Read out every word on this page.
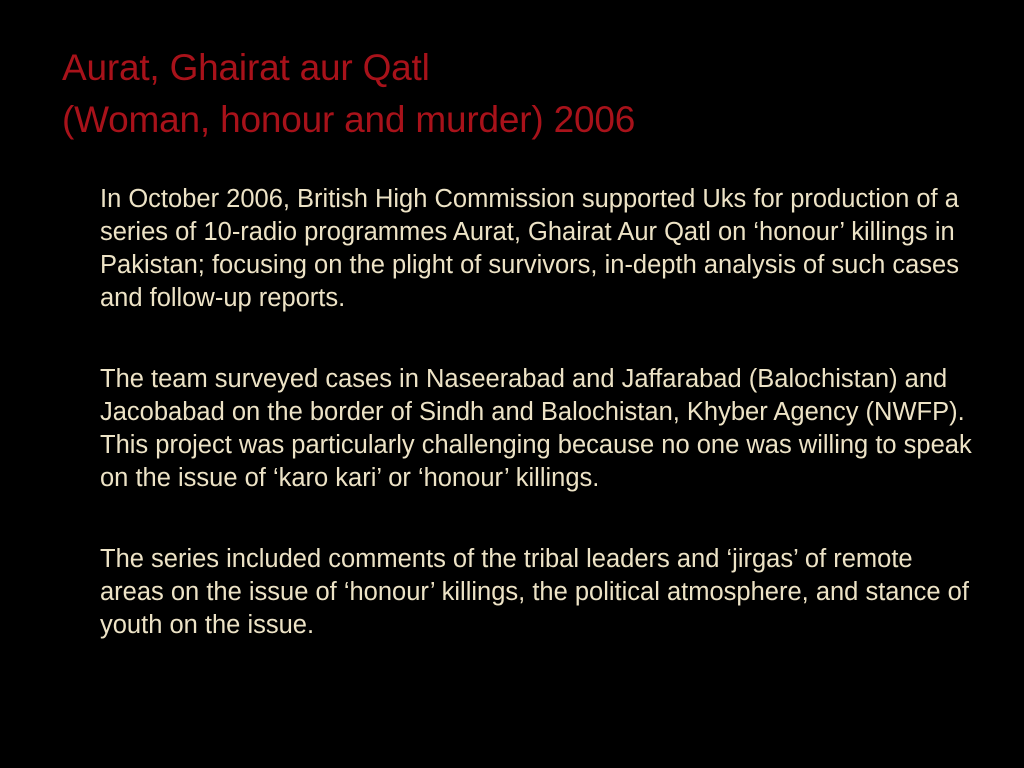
Aurat, Ghairat aur Qatl
(Woman, honour and murder) 2006

In October 2006, British High Commission supported Uks for production of a series of 10-radio programmes Aurat, Ghairat Aur Qatl on ‘honour’ killings in Pakistan; focusing on the plight of survivors, in-depth analysis of such cases and follow-up reports.

The team surveyed cases in Naseerabad and Jaffarabad (Balochistan) and Jacobabad on the border of Sindh and Balochistan, Khyber Agency (NWFP). This project was particularly challenging because no one was willing to speak on the issue of ‘karo kari’ or ‘honour’ killings.

The series included comments of the tribal leaders and ‘jirgas’ of remote areas on the issue of ‘honour’ killings, the political atmosphere, and stance of youth on the issue.
